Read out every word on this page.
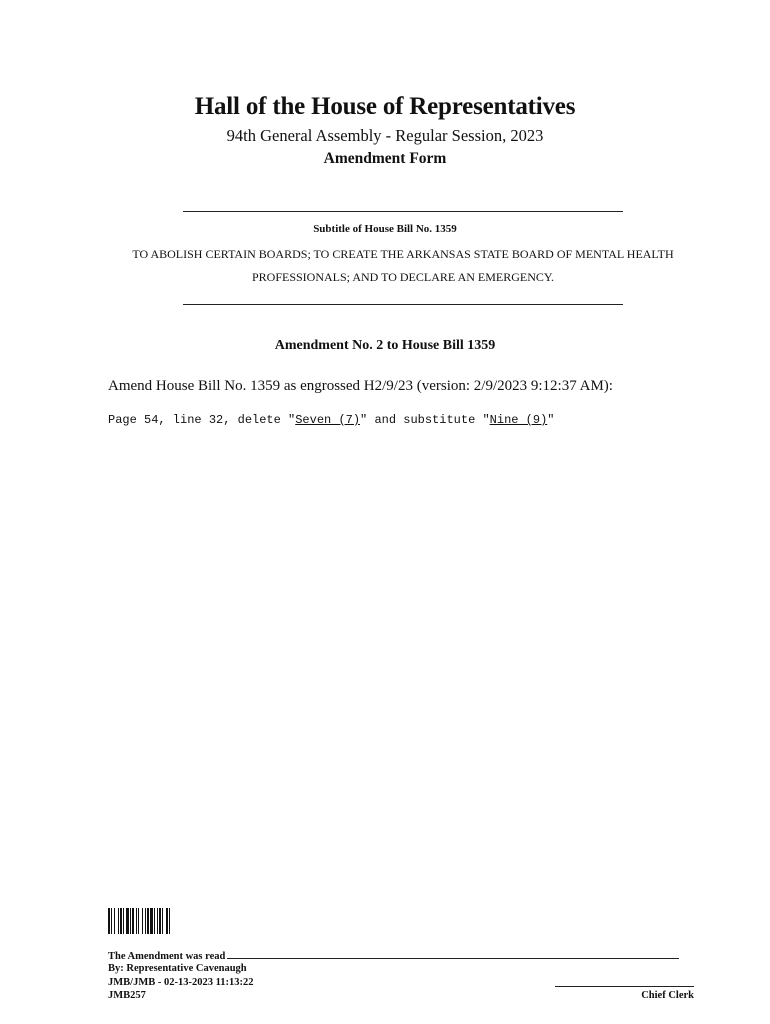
Hall of the House of Representatives
94th General Assembly - Regular Session, 2023
Amendment Form
Subtitle of House Bill No. 1359
TO ABOLISH CERTAIN BOARDS; TO CREATE THE ARKANSAS STATE BOARD OF MENTAL HEALTH PROFESSIONALS; AND TO DECLARE AN EMERGENCY.
Amendment No. 2 to House Bill 1359
Amend House Bill No. 1359 as engrossed H2/9/23 (version: 2/9/2023 9:12:37 AM):
Page 54, line 32, delete "Seven (7)" and substitute "Nine (9)"
The Amendment was read
By: Representative Cavenaugh
JMB/JMB - 02-13-2023 11:13:22
JMB257	Chief Clerk
